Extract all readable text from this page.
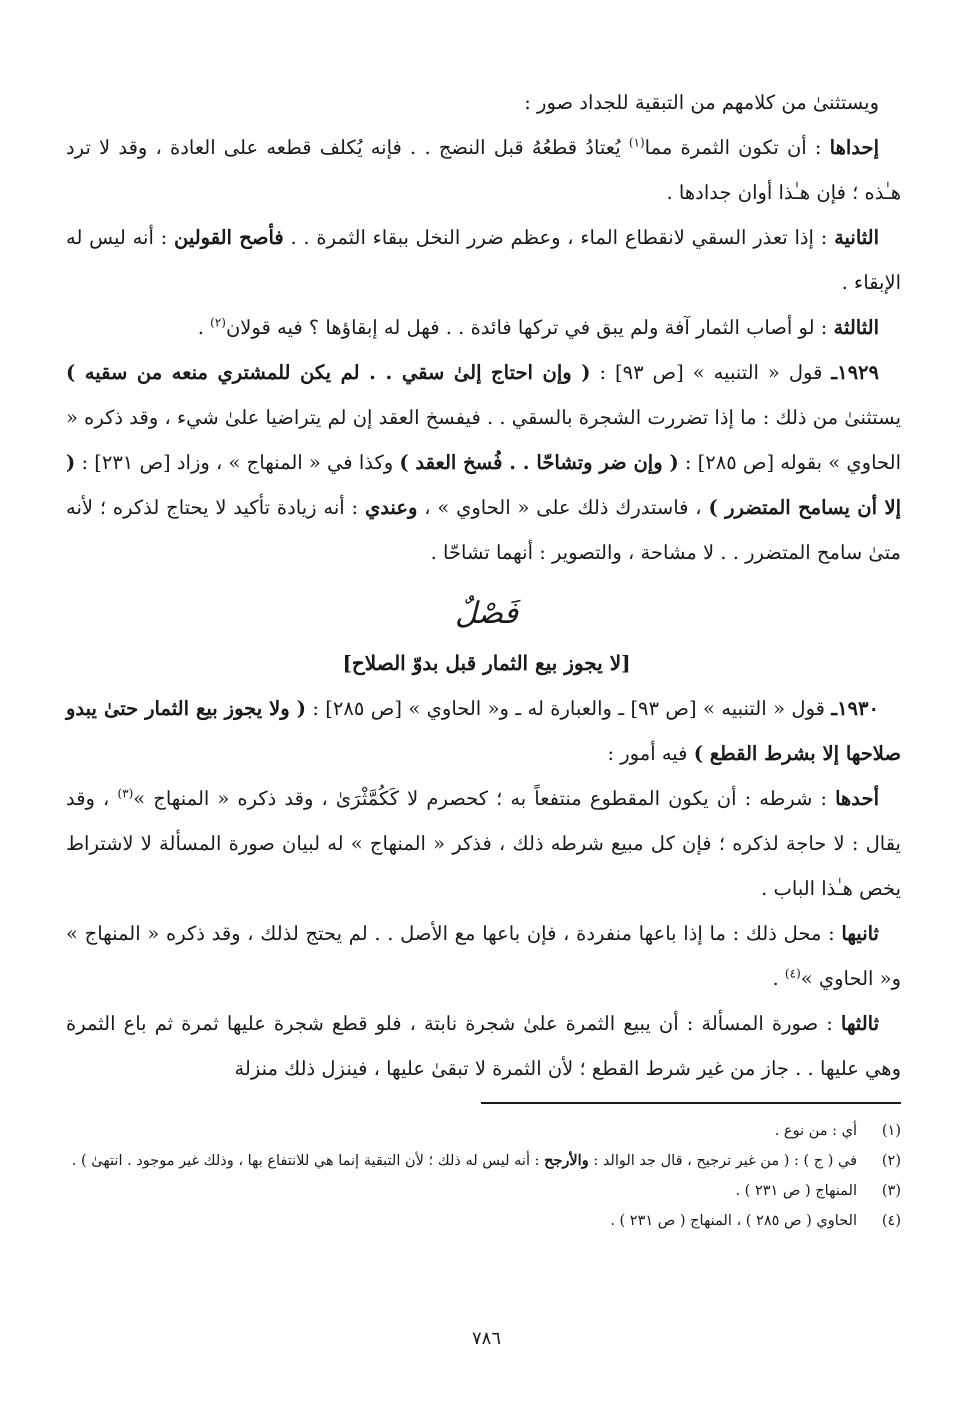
ويستثنىٰ من كلامهم من التبقية للجداد صور :

إحداها : أن تكون الثمرة مما$^{(١)}$ يُعتادُ قطعُهُ قبل النضج . . فإنه يُكلف قطعه على العادة ، وقد لا ترد هـٰذه ؛ فإن هـٰذا أوان جدادها .

الثانية : إذا تعذر السقي لانقطاع الماء ، وعظم ضرر النخل ببقاء الثمرة . . فأصح القولين : أنه ليس له الإبقاء .

الثالثة : لو أصاب الثمار آفة ولم يبق في تركها فائدة . . فهل له إبقاؤها ؟ فيه قولان$^{(٢)}$ .

١٩٢٩ـ قول « التنبيه » [ص ٩٣] : ( وإن احتاج إلىٰ سقي . . لم يكن للمشتري منعه من سقيه ) يستثنىٰ من ذلك : ما إذا تضررت الشجرة بالسقي . . فيفسخ العقد إن لم يتراضيا علىٰ شيء ، وقد ذكره « الحاوي » بقوله [ص ٢٨٥] : ( وإن ضر وتشاحّا . . فُسخ العقد ) وكذا في « المنهاج » ، وزاد [ص ٢٣١] : ( إلا أن يسامح المتضرر ) ، فاستدرك ذلك على « الحاوي » ، وعندي : أنه زيادة تأكيد لا يحتاج لذكره ؛ لأنه متىٰ سامح المتضرر . . لا مشاحة ، والتصوير : أنهما تشاحّا .

فَصْلٌ
[لا يجوز بيع الثمار قبل بدوّ الصلاح]

١٩٣٠ـ قول « التنبيه » [ص ٩٣] ـ والعبارة له ـ و« الحاوي » [ص ٢٨٥] : ( ولا يجوز بيع الثمار حتىٰ يبدو صلاحها إلا بشرط القطع ) فيه أمور :

أحدها : شرطه : أن يكون المقطوع منتفعاً به ؛ كحصرم لا كَكُمَّثْرَىٰ ، وقد ذكره « المنهاج »$^{(٣)}$ ، وقد يقال : لا حاجة لذكره ؛ فإن كل مبيع شرطه ذلك ، فذكر « المنهاج » له لبيان صورة المسألة لا لاشتراط يخص هـٰذا الباب .

ثانيها : محل ذلك : ما إذا باعها منفردة ، فإن باعها مع الأصل . . لم يحتج لذلك ، وقد ذكره « المنهاج » و« الحاوي »$^{(٤)}$ .

ثالثها : صورة المسألة : أن يبيع الثمرة علىٰ شجرة نابتة ، فلو قطع شجرة عليها ثمرة ثم باع الثمرة وهي عليها . . جاز من غير شرط القطع ؛ لأن الثمرة لا تبقىٰ عليها ، فينزل ذلك منزلة

(١)
أي : من نوع .
(٢)
في ( ج ) : ( من غير ترجيح ، قال جد الوالد : والأرجح : أنه ليس له ذلك ؛ لأن التبقية إنما هي للانتفاع بها ، وذلك غير موجود . انتهىٰ ) .
(٣)
المنهاج ( ص ٢٣١ ) .
(٤)
الحاوي ( ص ٢٨٥ ) ، المنهاج ( ص ٢٣١ ) .
٧٨٦
